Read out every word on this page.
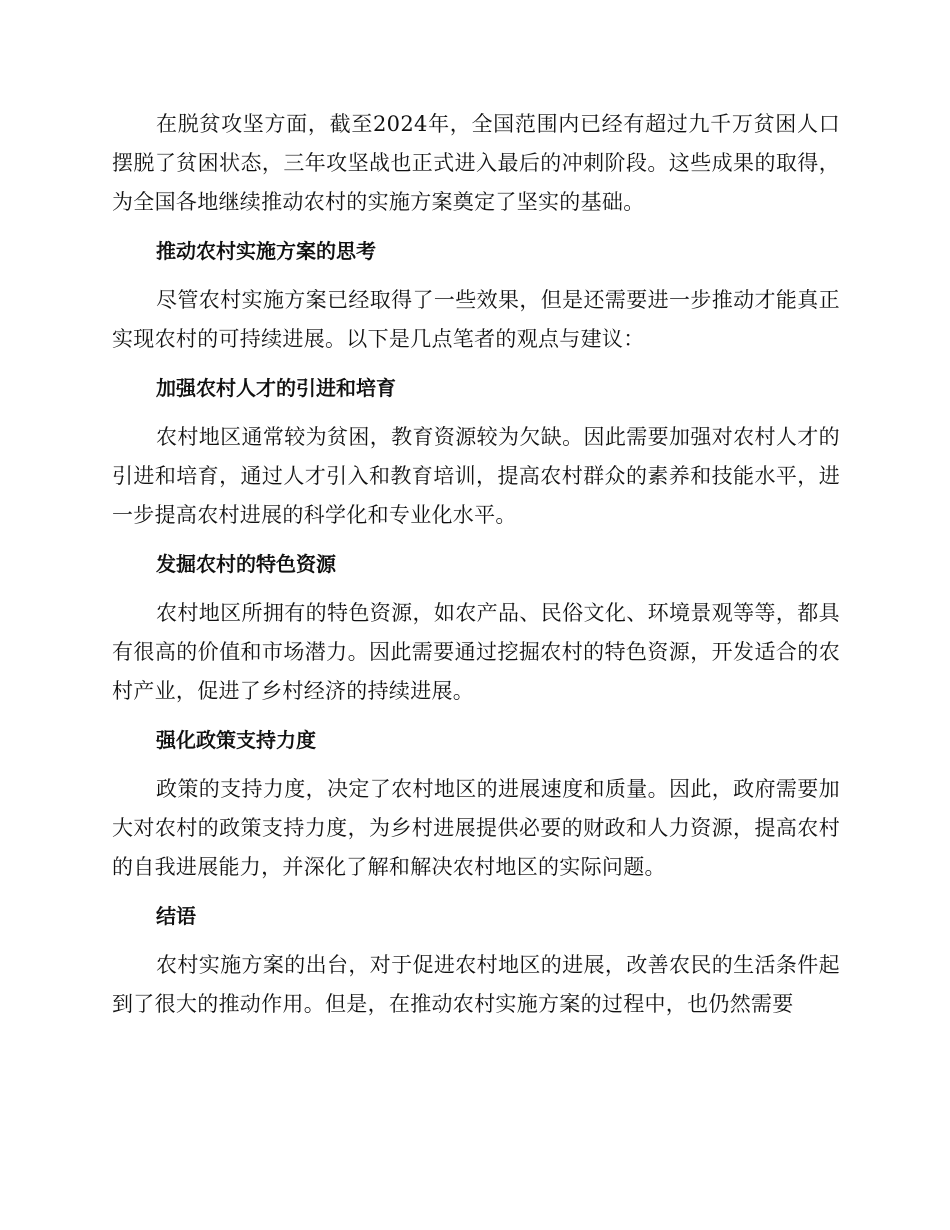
在脱贫攻坚方面，截至2024年，全国范围内已经有超过九千万贫困人口摆脱了贫困状态，三年攻坚战也正式进入最后的冲刺阶段。这些成果的取得，为全国各地继续推动农村的实施方案奠定了坚实的基础。

推动农村实施方案的思考

尽管农村实施方案已经取得了一些效果，但是还需要进一步推动才能真正实现农村的可持续进展。以下是几点笔者的观点与建议：

加强农村人才的引进和培育

农村地区通常较为贫困，教育资源较为欠缺。因此需要加强对农村人才的引进和培育，通过人才引入和教育培训，提高农村群众的素养和技能水平，进一步提高农村进展的科学化和专业化水平。

发掘农村的特色资源

农村地区所拥有的特色资源，如农产品、民俗文化、环境景观等等，都具有很高的价值和市场潜力。因此需要通过挖掘农村的特色资源，开发适合的农村产业，促进了乡村经济的持续进展。

强化政策支持力度

政策的支持力度，决定了农村地区的进展速度和质量。因此，政府需要加大对农村的政策支持力度，为乡村进展提供必要的财政和人力资源，提高农村的自我进展能力，并深化了解和解决农村地区的实际问题。

结语

农村实施方案的出台，对于促进农村地区的进展，改善农民的生活条件起到了很大的推动作用。但是，在推动农村实施方案的过程中，也仍然需要
